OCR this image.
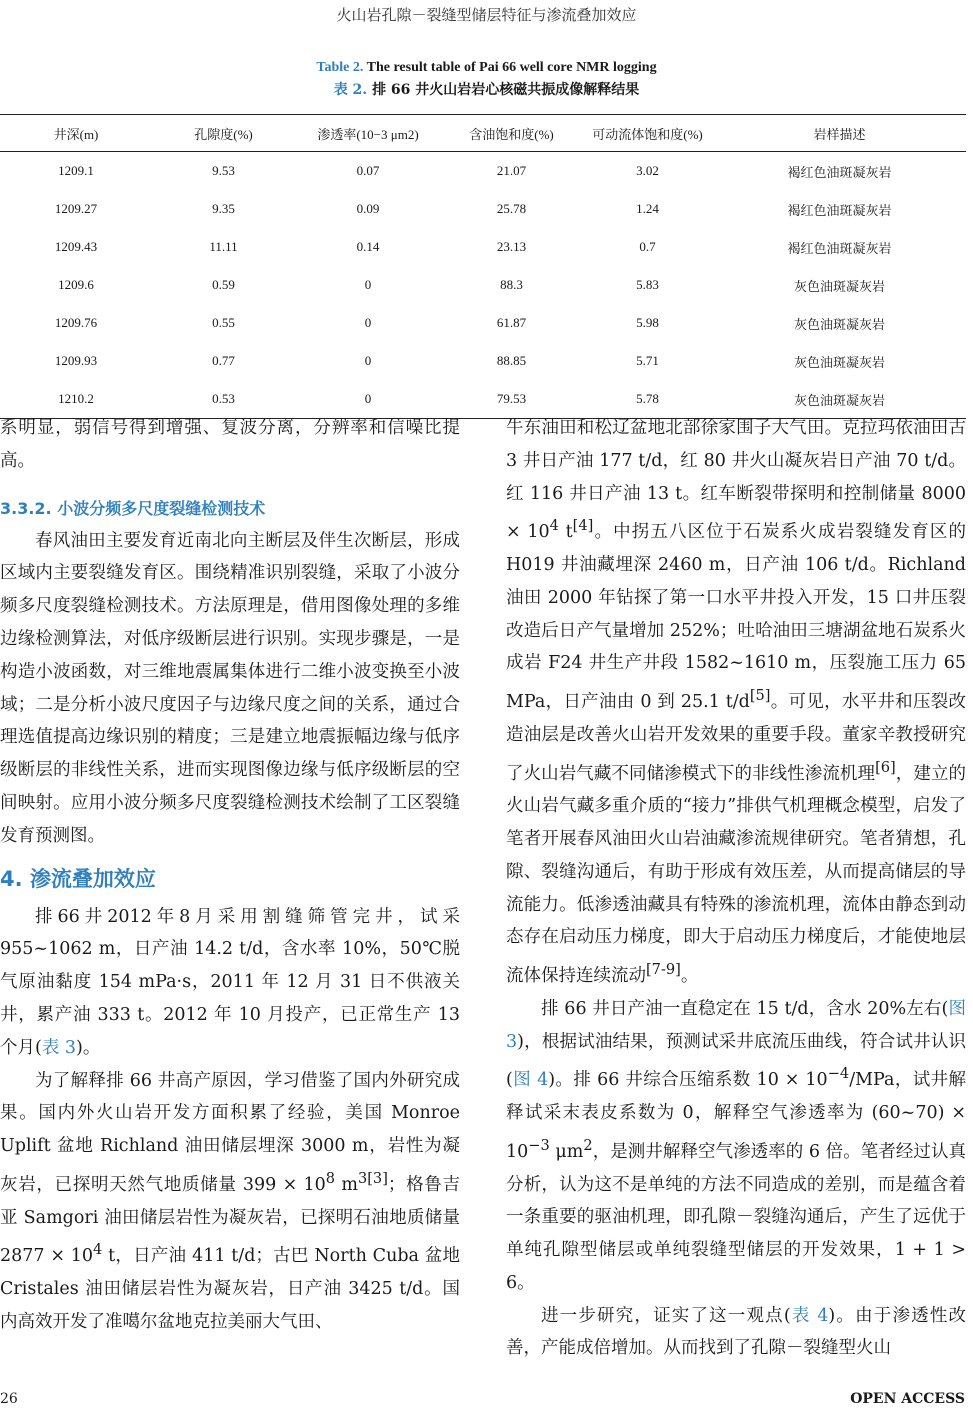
火山岩孔隙－裂缝型储层特征与渗流叠加效应
Table 2. The result table of Pai 66 well core NMR logging
表 2. 排 66 井火山岩岩心核磁共振成像解释结果
井深(m)	孔隙度(%)	渗透率(10−3 μm2)	含油饱和度(%)	可动流体饱和度(%)	岩样描述
1209.1	9.53	0.07	21.07	3.02	褐红色油斑凝灰岩
1209.27	9.35	0.09	25.78	1.24	褐红色油斑凝灰岩
1209.43	11.11	0.14	23.13	0.7	褐红色油斑凝灰岩
1209.6	0.59	0	88.3	5.83	灰色油斑凝灰岩
1209.76	0.55	0	61.87	5.98	灰色油斑凝灰岩
1209.93	0.77	0	88.85	5.71	灰色油斑凝灰岩
1210.2	0.53	0	79.53	5.78	灰色油斑凝灰岩

系明显，弱信号得到增强、复波分离，分辨率和信噪比提高。

3.3.2. 小波分频多尺度裂缝检测技术

春风油田主要发育近南北向主断层及伴生次断层，形成区域内主要裂缝发育区。围绕精准识别裂缝，采取了小波分频多尺度裂缝检测技术。方法原理是，借用图像处理的多维边缘检测算法，对低序级断层进行识别。实现步骤是，一是构造小波函数，对三维地震属集体进行二维小波变换至小波域；二是分析小波尺度因子与边缘尺度之间的关系，通过合理选值提高边缘识别的精度；三是建立地震振幅边缘与低序级断层的非线性关系，进而实现图像边缘与低序级断层的空间映射。应用小波分频多尺度裂缝检测技术绘制了工区裂缝发育预测图。

4. 渗流叠加效应

排66井2012年8月采用割缝筛管完井，试采955~1062 m，日产油 14.2 t/d，含水率 10%，50℃脱气原油黏度 154 mPa·s，2011 年 12 月 31 日不供液关井，累产油 333 t。2012 年 10 月投产，已正常生产 13 个月(表 3)。

为了解释排 66 井高产原因，学习借鉴了国内外研究成果。国内外火山岩开发方面积累了经验，美国 Monroe Uplift 盆地 Richland 油田储层埋深 3000 m，岩性为凝灰岩，已探明天然气地质储量 $399 \times 10^8$ $m^{3[3]}$；格鲁吉亚 Samgori 油田储层岩性为凝灰岩，已探明石油地质储量 $2877 \times 10^4$ t，日产油 411 t/d；古巴 North Cuba 盆地 Cristales 油田储层岩性为凝灰岩，日产油 3425 t/d。国内高效开发了准噶尔盆地克拉美丽大气田、

牛东油田和松辽盆地北部徐家围子大气田。克拉玛依油田古 3 井日产油 177 t/d，红 80 井火山凝灰岩日产油 70 t/d。红 116 井日产油 13 t。红车断裂带探明和控制储量 $8000 \times 10^4$ t[4]。中拐五八区位于石炭系火成岩裂缝发育区的 H019 井油藏埋深 2460 m，日产油 106 t/d。Richland 油田 2000 年钻探了第一口水平井投入开发，15 口井压裂改造后日产气量增加 252%；吐哈油田三塘湖盆地石炭系火成岩 F24 井生产井段 1582~1610 m，压裂施工压力 65 MPa，日产油由 0 到 25.1 t/d[5]。可见，水平井和压裂改造油层是改善火山岩开发效果的重要手段。董家辛教授研究了火山岩气藏不同储渗模式下的非线性渗流机理[6]，建立的火山岩气藏多重介质的“接力”排供气机理概念模型，启发了笔者开展春风油田火山岩油藏渗流规律研究。笔者猜想，孔隙、裂缝沟通后，有助于形成有效压差，从而提高储层的导流能力。低渗透油藏具有特殊的渗流机理，流体由静态到动态存在启动压力梯度，即大于启动压力梯度后，才能使地层流体保持连续流动[7-9]。

排 66 井日产油一直稳定在 15 t/d，含水 20%左右(图 3)，根据试油结果，预测试采井底流压曲线，符合试井认识(图 4)。排 66 井综合压缩系数 $10 \times 10^{-4}$/MPa，试井解释试采末表皮系数为 0，解释空气渗透率为 (60~70) × $10^{-3}$ $\mu m^2$，是测井解释空气渗透率的 6 倍。笔者经过认真分析，认为这不是单纯的方法不同造成的差别，而是蕴含着一条重要的驱油机理，即孔隙－裂缝沟通后，产生了远优于单纯孔隙型储层或单纯裂缝型储层的开发效果，1 + 1 > 6。

进一步研究，证实了这一观点(表 4)。由于渗透性改善，产能成倍增加。从而找到了孔隙－裂缝型火山

26	OPEN ACCESS
